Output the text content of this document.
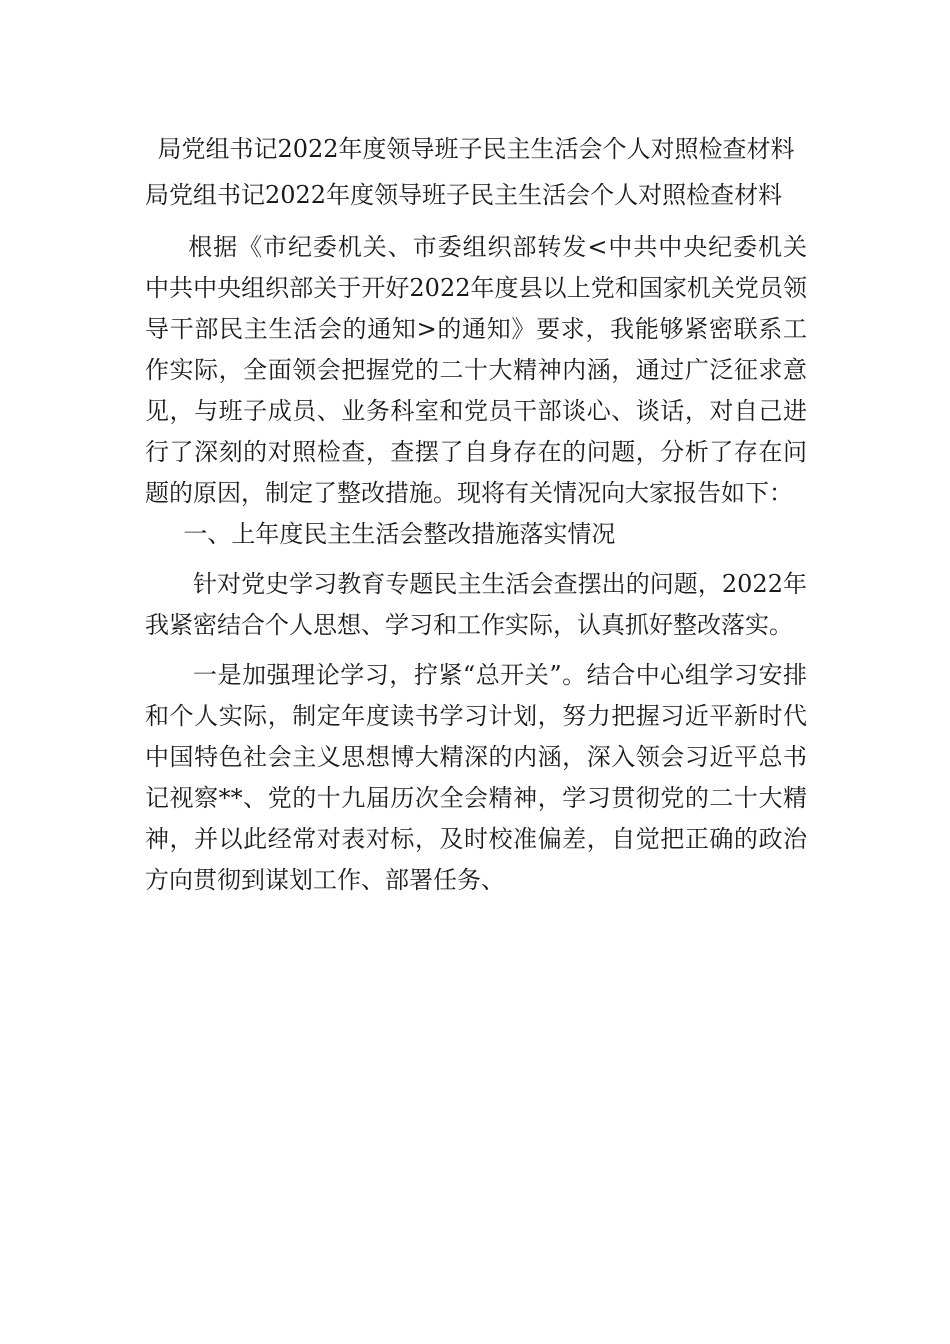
局党组书记2022年度领导班子民主生活会个人对照检查材料

局党组书记2022年度领导班子民主生活会个人对照检查材料

根据《市纪委机关、市委组织部转发<中共中央纪委机关 中共中央组织部关于开好2022年度县以上党和国家机关党员领导干部民主生活会的通知>的通知》要求，我能够紧密联系工作实际，全面领会把握党的二十大精神内涵，通过广泛征求意见，与班子成员、业务科室和党员干部谈心、谈话，对自己进行了深刻的对照检查，查摆了自身存在的问题，分析了存在问题的原因，制定了整改措施。现将有关情况向大家报告如下：

一、上年度民主生活会整改措施落实情况

针对党史学习教育专题民主生活会查摆出的问题，2022年我紧密结合个人思想、学习和工作实际，认真抓好整改落实。

一是加强理论学习，拧紧“总开关”。结合中心组学习安排和个人实际，制定年度读书学习计划，努力把握习近平新时代中国特色社会主义思想博大精深的内涵，深入领会习近平总书记视察**、党的十九届历次全会精神，学习贯彻党的二十大精神，并以此经常对表对标，及时校准偏差，自觉把正确的政治方向贯彻到谋划工作、部署任务、
